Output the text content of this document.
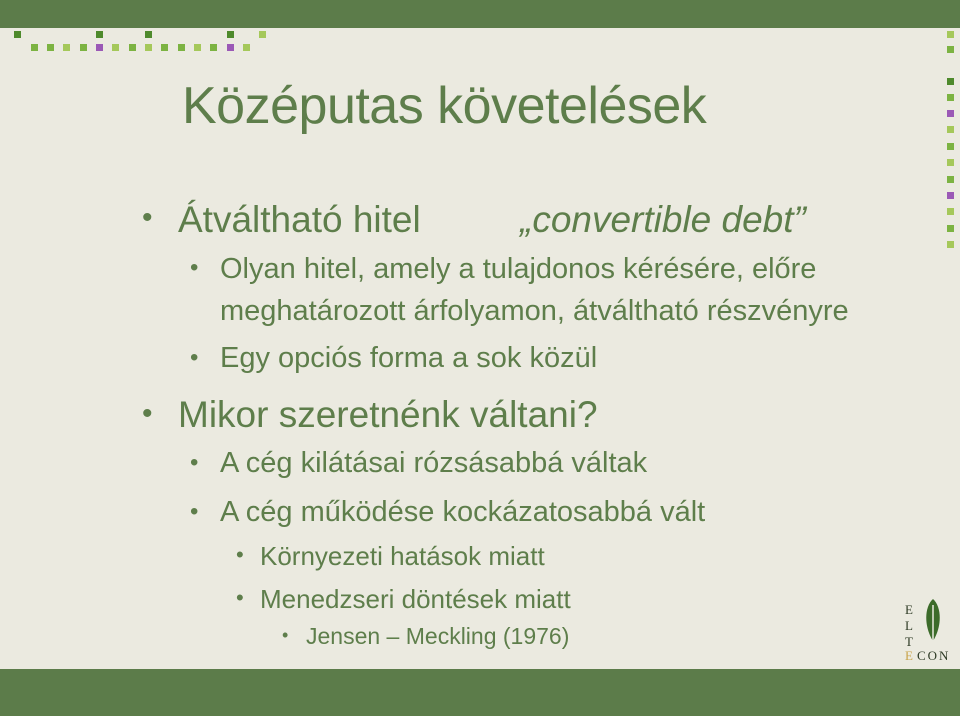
Középutas követelések
• Átváltható hitel	„convertible debt”
• Olyan hitel, amely a tulajdonos kérésére, előre
meghatározott árfolyamon, átváltható részvényre
• Egy opciós forma a sok közül
• Mikor szeretnénk váltani?
• A cég kilátásai rózsásabbá váltak
• A cég működése kockázatosabbá vált
• Környezeti hatások miatt
• Menedzseri döntések miatt
• Jensen – Meckling (1976)
E
L
T
E CON
